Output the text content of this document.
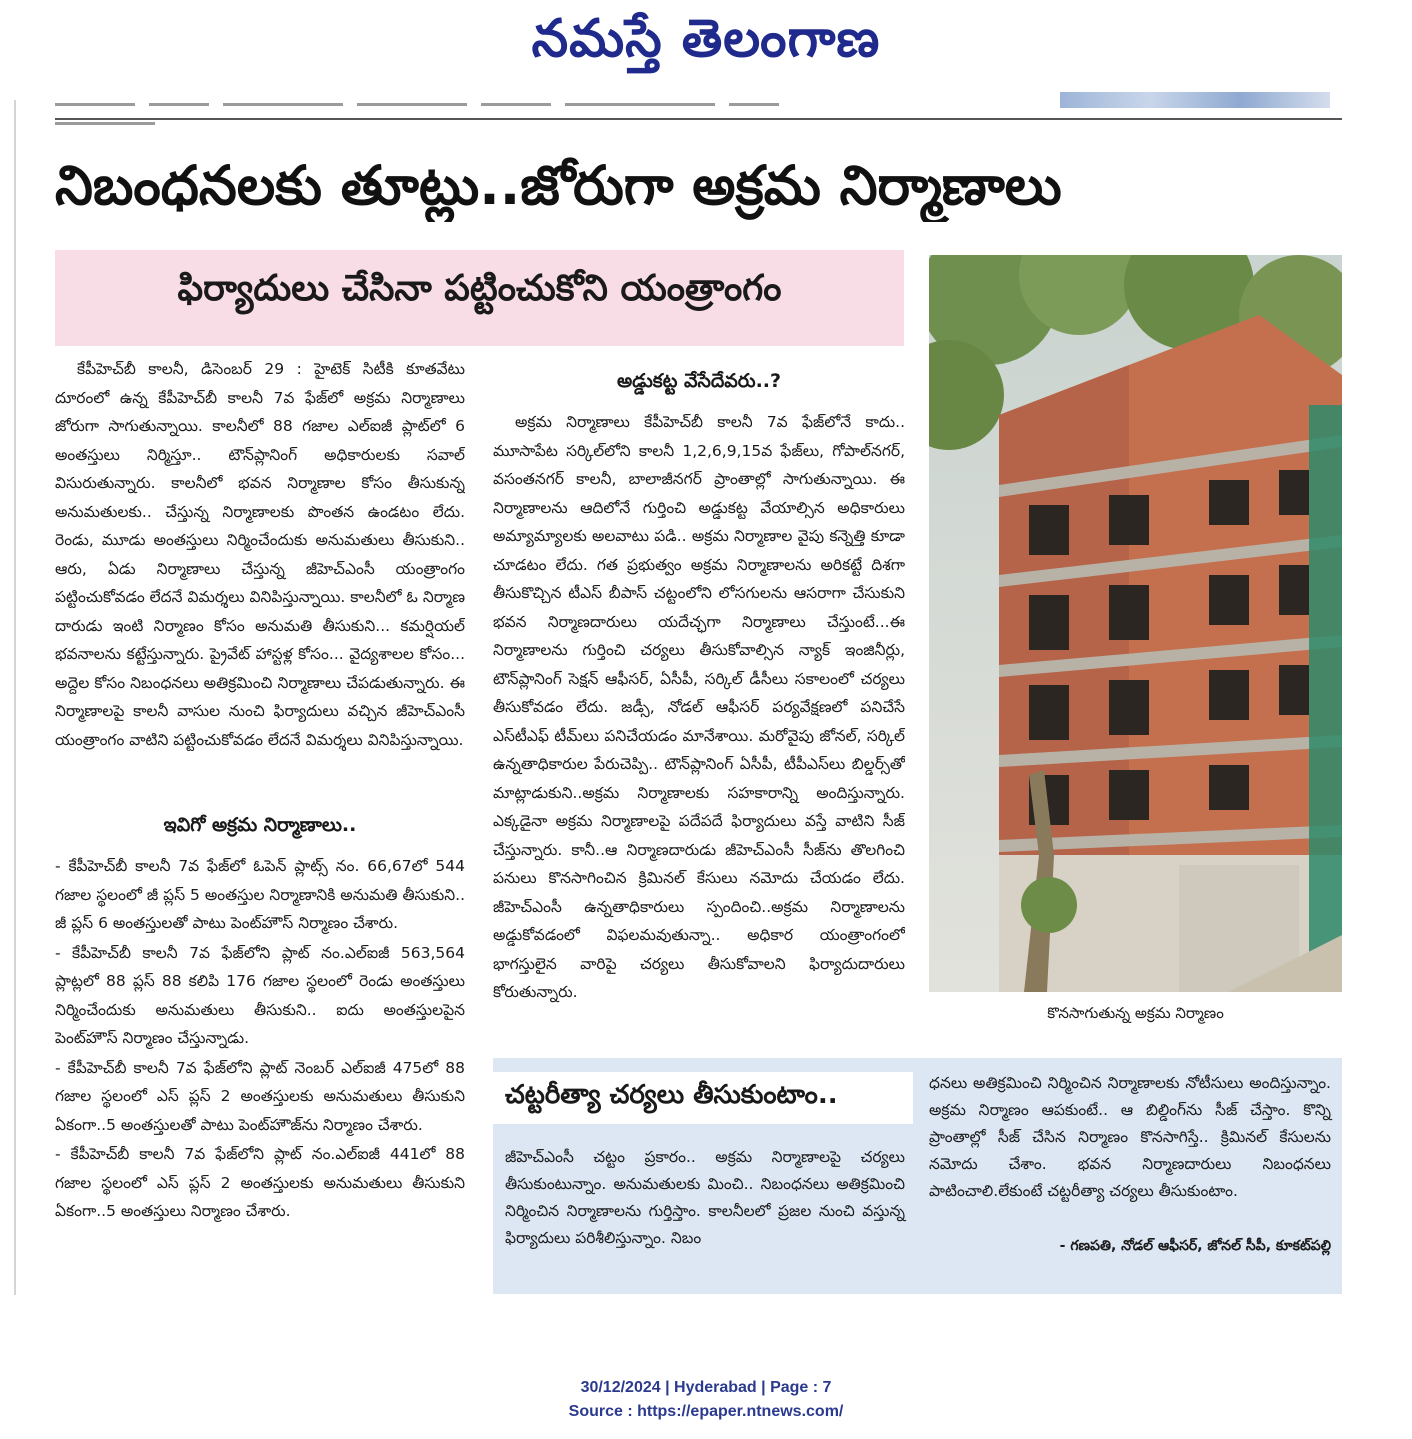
నమస్తే తెలంగాణ
నిబంధనలకు తూట్లు..జోరుగా అక్రమ నిర్మాణాలు
ఫిర్యాదులు చేసినా పట్టించుకోని యంత్రాంగం

కేపీహెచ్‌బీ కాలనీ, డిసెంబర్ 29 : హైటెక్ సిటీకి కూతవేటు దూరంలో ఉన్న కేపీహెచ్‌బీ కాలనీ 7వ ఫేజ్‌లో అక్రమ నిర్మాణాలు జోరుగా సాగుతున్నాయి. కాలనీలో 88 గజాల ఎల్‌ఐజీ ప్లాట్‌లో 6 అంతస్తులు నిర్మిస్తూ.. టౌన్‌ప్లానింగ్ అధికారులకు సవాల్ విసురుతున్నారు. కాలనీలో భవన నిర్మాణాల కోసం తీసుకున్న అనుమతులకు.. చేస్తున్న నిర్మాణాలకు పొంతన ఉండటం లేదు. రెండు, మూడు అంతస్తులు నిర్మించేందుకు అనుమతులు తీసుకుని.. ఆరు, ఏడు నిర్మాణాలు చేస్తున్న జీహెచ్‌ఎంసీ యంత్రాంగం పట్టించుకోవడం లేదనే విమర్శలు వినిపిస్తున్నాయి. కాలనీలో ఓ నిర్మాణ దారుడు ఇంటి నిర్మాణం కోసం అనుమతి తీసుకుని... కమర్షియల్ భవనాలను కట్టేస్తున్నారు. ప్రైవేట్ హాస్టళ్ల కోసం... వైద్యశాలల కోసం... అద్దెల కోసం నిబంధనలు అతిక్రమించి నిర్మాణాలు చేపడుతున్నారు. ఈ నిర్మాణాలపై కాలనీ వాసుల నుంచి ఫిర్యాదులు వచ్చిన జీహెచ్‌ఎంసీ యంత్రాంగం వాటిని పట్టించుకోవడం లేదనే విమర్శలు వినిపిస్తున్నాయి.

ఇవిగో అక్రమ నిర్మాణాలు..

- కేపీహెచ్‌బీ కాలనీ 7వ ఫేజ్‌లో ఓపెన్ ప్లాట్స్ నం. 66,67లో 544 గజాల స్థలంలో జీ ప్లస్ 5 అంతస్తుల నిర్మాణానికి అనుమతి తీసుకుని.. జీ ప్లస్ 6 అంతస్తులతో పాటు పెంట్‌హౌస్ నిర్మాణం చేశారు.

- కేపీహెచ్‌బీ కాలనీ 7వ ఫేజ్‌లోని ప్లాట్ నం.ఎల్‌ఐజీ 563,564 ప్లాట్లలో 88 ప్లస్ 88 కలిపి 176 గజాల స్థలంలో రెండు అంతస్తులు నిర్మించేందుకు అనుమతులు తీసుకుని.. ఐదు అంతస్తులపైన పెంట్‌హౌస్ నిర్మాణం చేస్తున్నాడు.

- కేపీహెచ్‌బీ కాలనీ 7వ ఫేజ్‌లోని ప్లాట్ నెంబర్ ఎల్‌ఐజీ 475లో 88 గజాల స్థలంలో ఎస్ ప్లస్ 2 అంతస్తులకు అనుమతులు తీసుకుని ఏకంగా..5 అంతస్తులతో పాటు పెంట్‌హౌజ్‌ను నిర్మాణం చేశారు.

- కేపీహెచ్‌బీ కాలనీ 7వ ఫేజ్‌లోని ప్లాట్ నం.ఎల్‌ఐజీ 441లో 88 గజాల స్థలంలో ఎస్ ప్లస్ 2 అంతస్తులకు అనుమతులు తీసుకుని ఏకంగా..5 అంతస్తులు నిర్మాణం చేశారు.

అడ్డుకట్ట వేసేదేవరు..?

అక్రమ నిర్మాణాలు కేపీహెచ్‌బీ కాలనీ 7వ ఫేజ్‌లోనే కాదు.. మూసాపేట సర్కిల్‌లోని కాలనీ 1,2,6,9,15వ ఫేజ్‌లు, గోపాల్‌నగర్, వసంతనగర్ కాలనీ, బాలాజీనగర్ ప్రాంతాల్లో సాగుతున్నాయి. ఈ నిర్మాణాలను ఆదిలోనే గుర్తించి అడ్డుకట్ట వేయాల్సిన అధికారులు అమ్యామ్యాలకు అలవాటు పడి.. అక్రమ నిర్మాణాల వైపు కన్నెత్తి కూడా చూడటం లేదు. గత ప్రభుత్వం అక్రమ నిర్మాణాలను అరికట్టే దిశగా తీసుకొచ్చిన టీఎస్ బీపాస్ చట్టంలోని లోసగులను ఆసరాగా చేసుకుని భవన నిర్మాణదారులు యదేచ్ఛగా నిర్మాణాలు చేస్తుంటే...ఈ నిర్మాణాలను గుర్తించి చర్యలు తీసుకోవాల్సిన న్యాక్ ఇంజినీర్లు, టౌన్‌ప్లానింగ్ సెక్షన్ ఆఫీసర్, ఏసీపీ, సర్కిల్ డీసీలు సకాలంలో చర్యలు తీసుకోవడం లేదు. జడ్సీ, నోడల్ ఆఫీసర్ పర్యవేక్షణలో పనిచేసే ఎస్‌టీఎఫ్ టీమ్‌లు పనిచేయడం మానేశాయి. మరోవైపు జోనల్, సర్కిల్ ఉన్నతాధికారుల పేరుచెప్పి.. టౌన్‌ప్లానింగ్ ఏసీపీ, టీపీఎస్‌లు బిల్డర్స్‌తో మాట్లాడుకుని..అక్రమ నిర్మాణాలకు సహకారాన్ని అందిస్తున్నారు. ఎక్కడైనా అక్రమ నిర్మాణాలపై పదేపదే ఫిర్యాదులు వస్తే వాటిని సీజ్ చేస్తున్నారు. కానీ..ఆ నిర్మాణదారుడు జీహెచ్‌ఎంసీ సీజ్‌ను తొలగించి పనులు కొనసాగించిన క్రిమినల్ కేసులు నమోదు చేయడం లేదు. జీహెచ్‌ఎంసీ ఉన్నతాధికారులు స్పందించి..అక్రమ నిర్మాణాలను అడ్డుకోవడంలో విఫలమవుతున్నా.. అధికార యంత్రాంగంలో భాగస్తులైన వారిపై చర్యలు తీసుకోవాలని ఫిర్యాదుదారులు కోరుతున్నారు.

కొనసాగుతున్న అక్రమ నిర్మాణం
చట్టరీత్యా చర్యలు తీసుకుంటాం..
జీహెచ్‌ఎంసీ చట్టం ప్రకారం.. అక్రమ నిర్మాణాలపై చర్యలు తీసుకుంటున్నాం. అనుమతులకు మించి.. నిబంధనలు అతిక్రమించి నిర్మించిన నిర్మాణాలను గుర్తిస్తాం. కాలనీలలో ప్రజల నుంచి వస్తున్న ఫిర్యాదులు పరిశీలిస్తున్నాం. నిబం
ధనలు అతిక్రమించి నిర్మించిన నిర్మాణాలకు నోటీసులు అందిస్తున్నాం. అక్రమ నిర్మాణం ఆపకుంటే.. ఆ బిల్డింగ్‌ను సీజ్ చేస్తాం. కొన్ని ప్రాంతాల్లో సీజ్ చేసిన నిర్మాణం కొనసాగిస్తే.. క్రిమినల్ కేసులను నమోదు చేశాం. భవన నిర్మాణదారులు నిబంధనలు పాటించాలి.లేకుంటే చట్టరీత్యా చర్యలు తీసుకుంటాం.
- గణపతి, నోడల్ ఆఫీసర్, జోనల్ సీపీ, కూకట్‌పల్లి
30/12/2024 | Hyderabad | Page : 7
Source : https://epaper.ntnews.com/
